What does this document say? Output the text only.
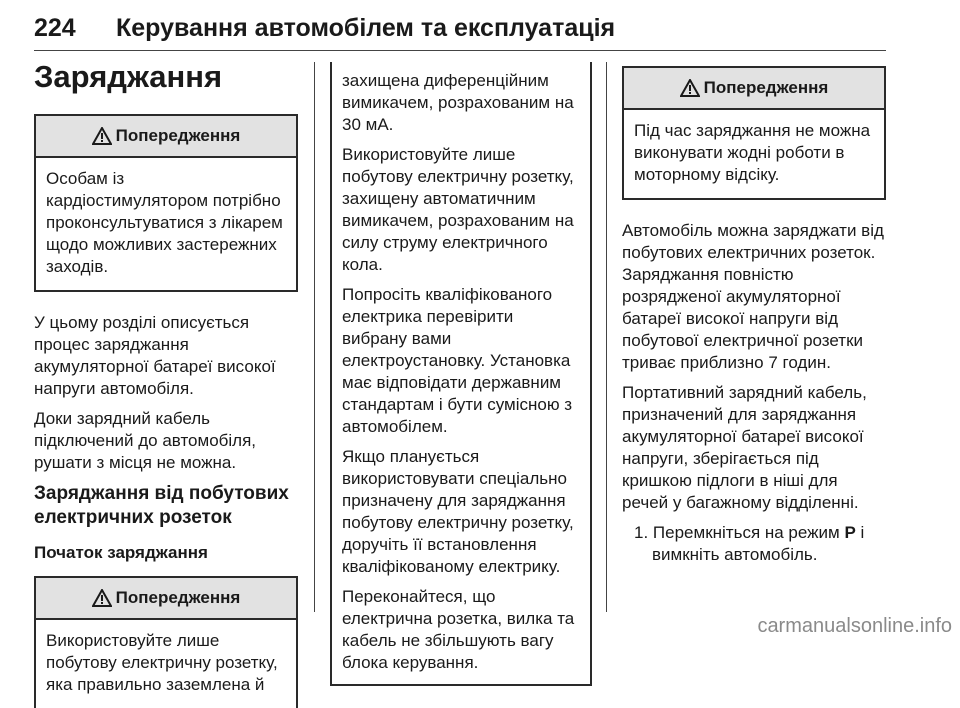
224 Керування автомобілем та експлуатація
Заряджання
Попередження
Особам із кардіостимулятором потрібно проконсультуватися з лікарем щодо можливих застережних заходів.

У цьому розділі описується процес заряджання акумуляторної батареї високої напруги автомобіля.

Доки зарядний кабель підключений до автомобіля, рушати з місця не можна.

Заряджання від побутових електричних розеток
Початок заряджання
Попередження
Використовуйте лише побутову електричну розетку, яка правильно заземлена й

захищена диференційним вимикачем, розрахованим на 30 мА.

Використовуйте лише побутову електричну розетку, захищену автоматичним вимикачем, розрахованим на силу струму електричного кола.

Попросіть кваліфікованого електрика перевірити вибрану вами електроустановку. Установка має відповідати державним стандартам і бути сумісною з автомобілем.

Якщо планується використовувати спеціально призначену для заряджання побутову електричну розетку, доручіть її встановлення кваліфікованому електрику.

Переконайтеся, що електрична розетка, вилка та кабель не збільшують вагу блока керування.

Попередження
Під час заряджання не можна виконувати жодні роботи в моторному відсіку.

Автомобіль можна заряджати від побутових електричних розеток. Заряджання повністю розрядженої акумуляторної батареї високої напруги від побутової електричної розетки триває приблизно 7 годин.

Портативний зарядний кабель, призначений для заряджання акумуляторної батареї високої напруги, зберігається під кришкою підлоги в ніші для речей у багажному відділенні.

1. Перемкніться на режим P і вимкніть автомобіль.
carmanualsonline.info
